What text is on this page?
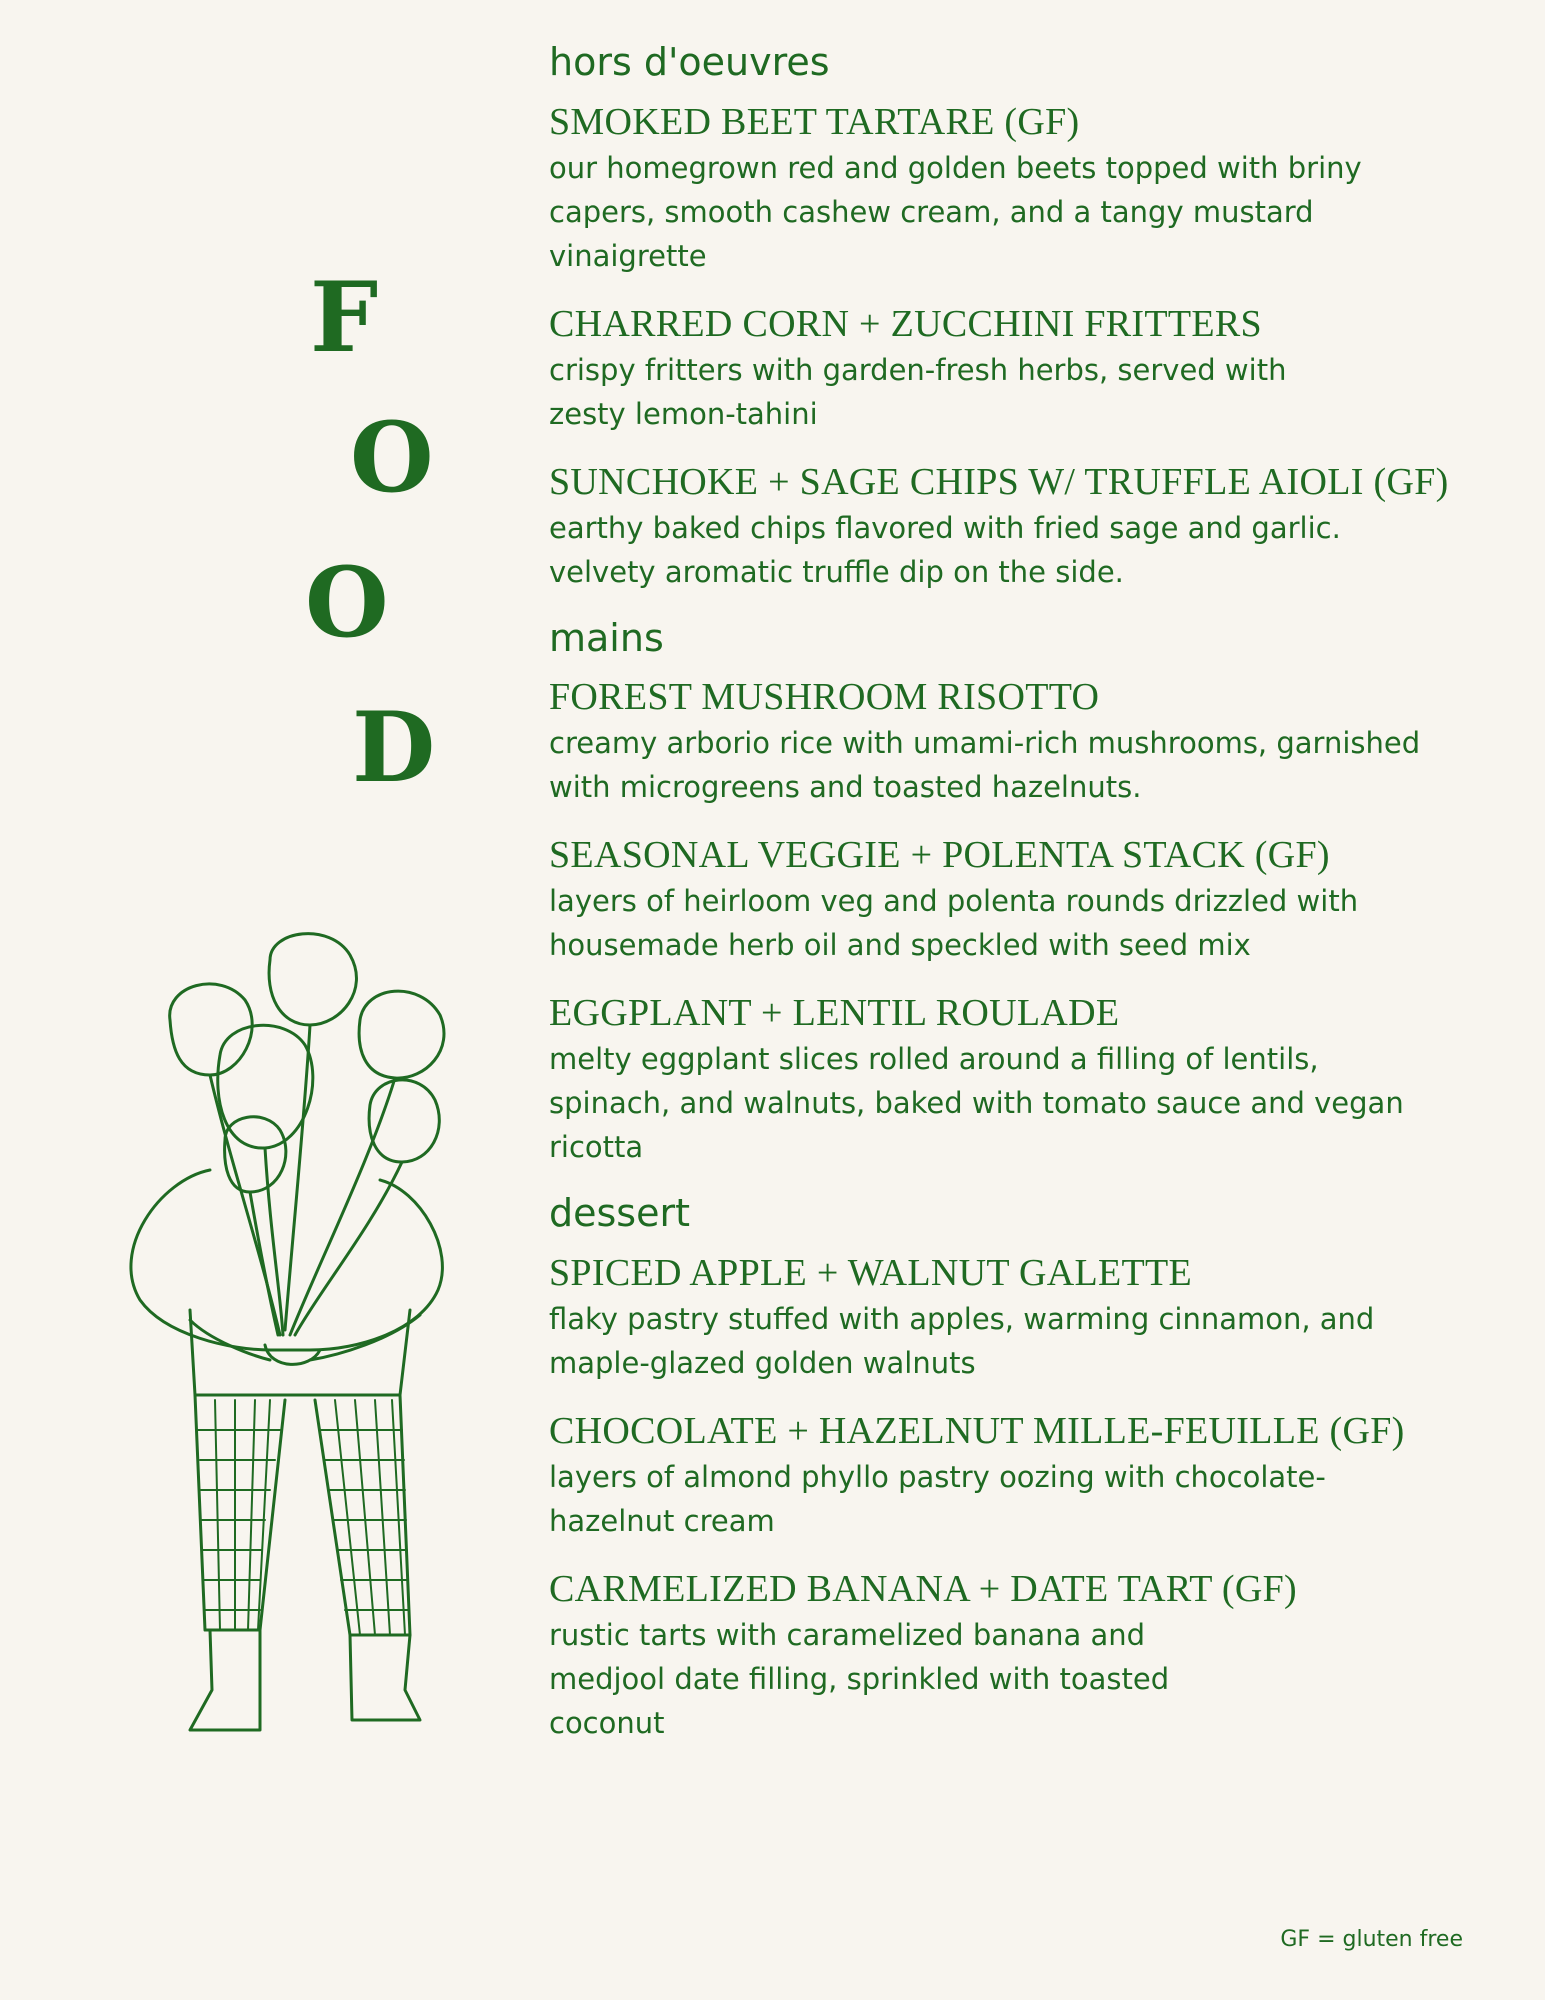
F
O
O
D
hors d'oeuvres
SMOKED BEET TARTARE (GF)
our homegrown red and golden beets topped with briny
capers, smooth cashew cream, and a tangy mustard
vinaigrette
CHARRED CORN + ZUCCHINI FRITTERS
crispy fritters with garden-fresh herbs, served with
zesty lemon-tahini
SUNCHOKE + SAGE CHIPS W/ TRUFFLE AIOLI (GF)
earthy baked chips flavored with fried sage and garlic.
velvety aromatic truffle dip on the side.
mains
FOREST MUSHROOM RISOTTO
creamy arborio rice with umami-rich mushrooms, garnished
with microgreens and toasted hazelnuts.
SEASONAL VEGGIE + POLENTA STACK (GF)
layers of heirloom veg and polenta rounds drizzled with
housemade herb oil and speckled with seed mix
EGGPLANT + LENTIL ROULADE
melty eggplant slices rolled around a filling of lentils,
spinach, and walnuts, baked with tomato sauce and vegan
ricotta
dessert
SPICED APPLE + WALNUT GALETTE
flaky pastry stuffed with apples, warming cinnamon, and
maple-glazed golden walnuts
CHOCOLATE + HAZELNUT MILLE-FEUILLE (GF)
layers of almond phyllo pastry oozing with chocolate-
hazelnut cream
CARMELIZED BANANA + DATE TART (GF)
rustic tarts with caramelized banana and
medjool date filling, sprinkled with toasted
coconut
GF = gluten free
